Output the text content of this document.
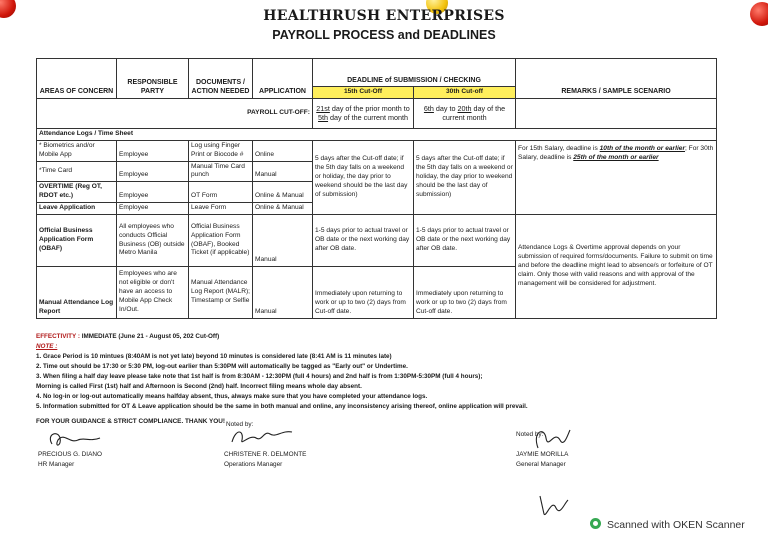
HEALTHRUSH ENTERPRISES
PAYROLL PROCESS and DEADLINES
AREAS OF CONCERN	RESPONSIBLE PARTY	DOCUMENTS / ACTION NEEDED	APPLICATION	DEADLINE of SUBMISSION / CHECKING		REMARKS / SAMPLE SCENARIO
				15th Cut-Off	30th Cut-off	
PAYROLL CUT-OFF:				21st day of the prior month to 5th day of the current month	6th day to 20th day of the current month	
Attendance Logs / Time Sheet						
* Biometrics and/or Mobile App	Employee	Log using Finger Print or Biocode #	Online	5 days after the Cut-off date; if the 5th day falls on a weekend or holiday, the day prior to weekend should be the last day of submission)	5 days after the Cut-off date; if the 5th day falls on a weekend or holiday, the day prior to weekend should be the last day of submission)	For 15th Salary, deadline is 10th of the month or earlier; For 30th Salary, deadline is 25th of the month or earlier
*Time Card	Employee	Manual Time Card punch	Manual			
OVERTIME (Reg OT, RDOT etc.)	Employee	OT Form	Online & Manual			
Leave Application	Employee	Leave Form	Online & Manual			
Official Business Application Form (OBAF)	All employees who conducts Official Business (OB) outside Metro Manila	Official Business Application Form (OBAF), Booked Ticket (if applicable)	Manual	1-5 days prior to actual travel or OB date or the next working day after OB date.	1-5 days prior to actual travel or OB date or the next working day after OB date.	Attendance Logs & Overtime approval depends on your submission of required forms/documents. Failure to submit on time and before the deadline might lead to absence/s or forfeiture of OT claim. Only those with valid reasons and with approval of the management will be considered for adjustment.
Manual Attendance Log Report	Employees who are not eligible or don't have an access to Mobile App Check In/Out.	Manual Attendance Log Report (MALR); Timestamp or Selfie	Manual	Immediately upon returning to work or up to two (2) days from Cut-off date.	Immediately upon returning to work or up to two (2) days from Cut-off date.	
EFFECTIVITY : IMMEDIATE (June 21 - August 05, 202 Cut-Off)
NOTE :
1. Grace Period is 10 mintues (8:40AM is not yet late) beyond 10 minutes is considered late (8:41 AM is 11 minutes late)
2. Time out should be 17:30 or 5:30 PM, log-out earlier than 5:30PM will automatically be tagged as "Early out" or Undertime.
3. When filing a half day leave please take note that 1st half is from 8:30AM - 12:30PM (full 4 hours) and 2nd half is from 1:30PM-5:30PM (full 4 hours);
Morning is called First (1st) half and Afternoon is Second (2nd) half. Incorrect filing means whole day absent.
4. No log-in or log-out automatically means halfday absent, thus, always make sure that you have completed your attendance logs.
5. Information submitted for OT & Leave application should be the same in both manual and online, any inconsistency arising thereof, online application will prevail.
FOR YOUR GUIDANCE & STRICT COMPLIANCE. THANK YOU!
PRECIOUS G. DIANO
HR Manager
Noted by:
CHRISTENE R. DELMONTE
Operations Manager
Noted by:
JAYMIE MORILLA
General Manager
Scanned with OKEN Scanner
